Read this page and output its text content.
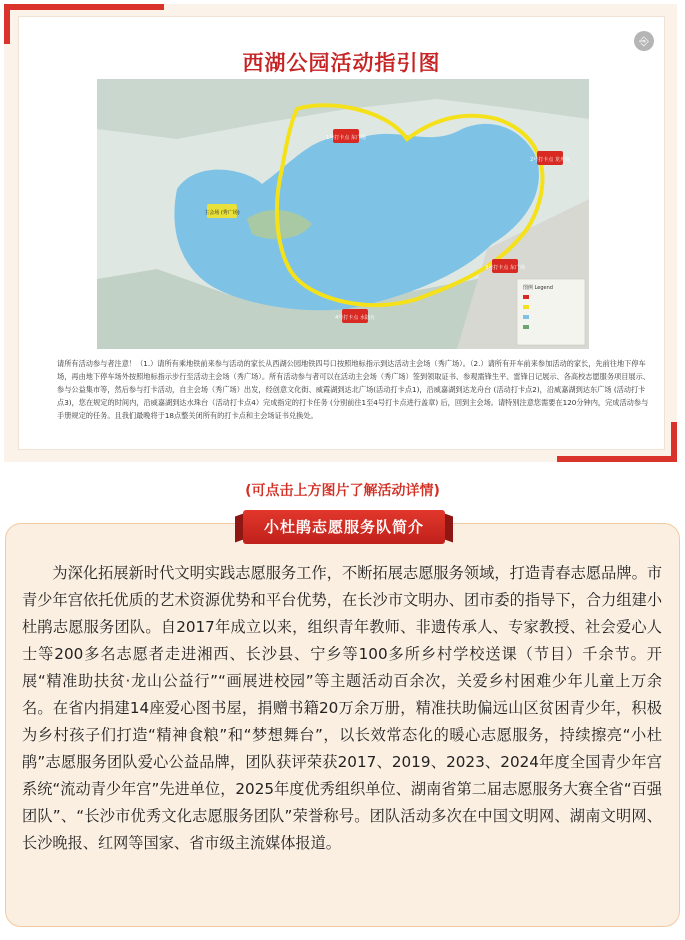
⎆
西湖公园活动指引图
1号打卡点 东广场
2号打卡点 龙舟台
3号打卡点 东广场
4号打卡点 水陆台
主会场 (秀广场)
图例 Legend
请所有活动参与者注意！（1.）请所有乘地铁前来参与活动的家长从西湖公园地铁四号口按照地标指示到达活动主会场（秀广场）。（2.）请所有开车前来参加活动的家长，先前往地下停车场，再由地下停车场外按照地标指示步行至活动主会场（秀广场）。所有活动参与者可以在活动主会场（秀广场）签到领取证书、参观需锋生平、雷锋日记展示、各高校志愿服务项目展示、参与公益集市等，然后参与打卡活动，自主会场（秀广场）出发，经创意文化街、威霞湖到达北广场(活动打卡点1)，沿威嘉湖到达龙舟台 (活动打卡点2)，沿威嘉湖到达东广场 (活动打卡点3)，您在规定的时间内，沿威嘉湖到达水珠台（活动打卡点4）完成指定的打卡任务 (分别前往1至4号打卡点进行盖章) 后，回到主会场。请特别注意您需要在120分钟内，完成活动参与手册规定的任务。且我们最晚将于18点整关闭所有的打卡点和主会场证书兑换处。
(可点击上方图片了解活动详情)
小杜鹃志愿服务队简介
为深化拓展新时代文明实践志愿服务工作，不断拓展志愿服务领域，打造青春志愿品牌。市青少年宫依托优质的艺术资源优势和平台优势，在长沙市文明办、团市委的指导下，合力组建小杜鹃志愿服务团队。自2017年成立以来，组织青年教师、非遗传承人、专家教授、社会爱心人士等200多名志愿者走进湘西、长沙县、宁乡等100多所乡村学校送课（节目）千余节。开展“精准助扶贫·龙山公益行”“画展进校园”等主题活动百余次，关爱乡村困难少年儿童上万余名。在省内捐建14座爱心图书屋，捐赠书籍20万余万册，精准扶助偏远山区贫困青少年，积极为乡村孩子们打造“精神食粮”和“梦想舞台”，以长效常态化的暖心志愿服务，持续擦亮“小杜鹃”志愿服务团队爱心公益品牌，团队获评荣获2017、2019、2023、2024年度全国青少年宫系统“流动青少年宫”先进单位，2025年度优秀组织单位、湖南省第二届志愿服务大赛全省“百强团队”、“长沙市优秀文化志愿服务团队”荣誉称号。团队活动多次在中国文明网、湖南文明网、长沙晚报、红网等国家、省市级主流媒体报道。
